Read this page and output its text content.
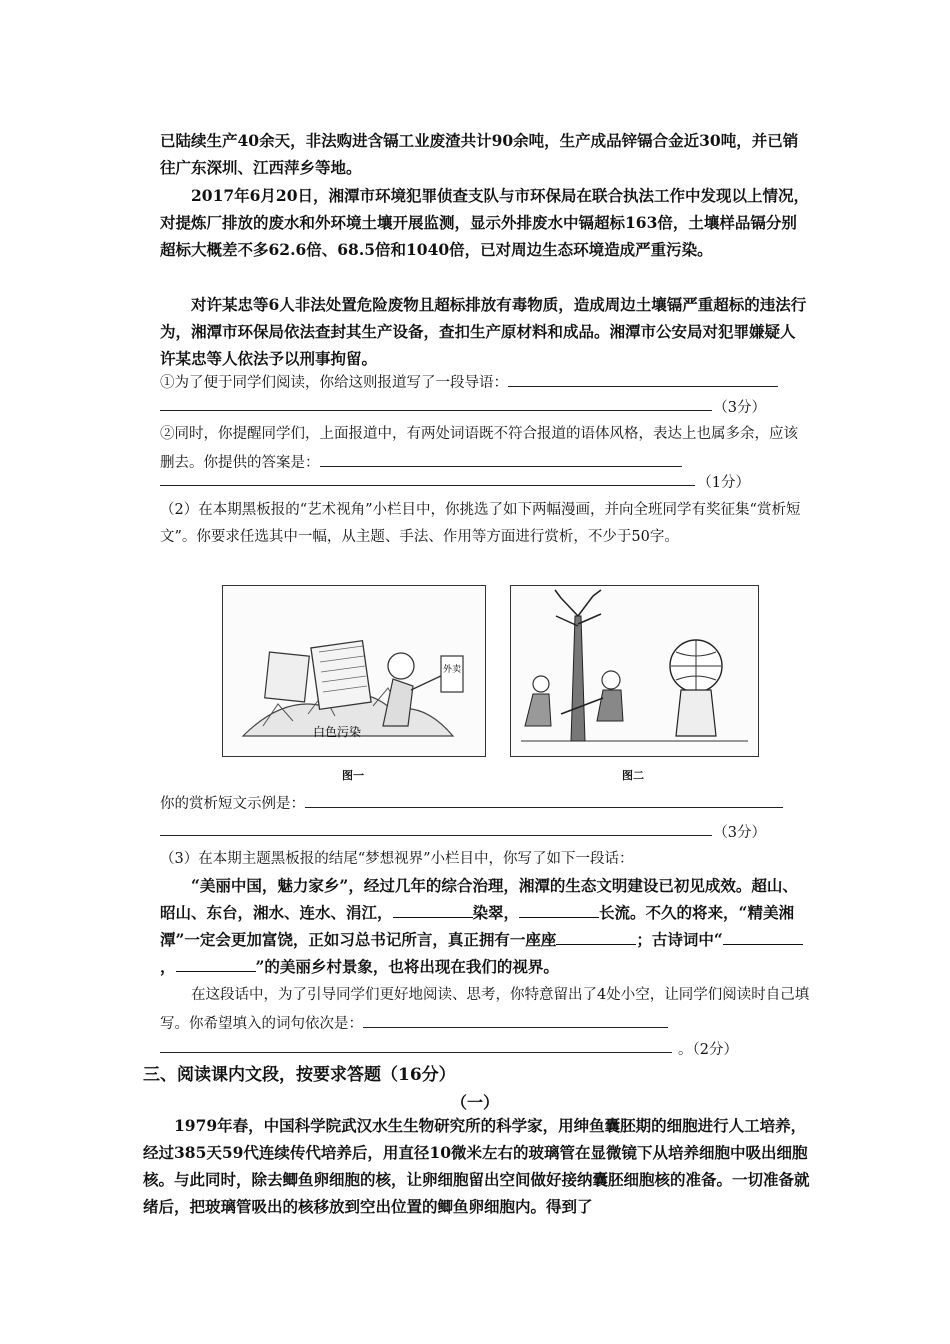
已陆续生产40余天，非法购进含镉工业废渣共计90余吨，生产成品锌镉合金近30吨，并已销往广东深圳、江西萍乡等地。

2017年6月20日，湘潭市环境犯罪侦查支队与市环保局在联合执法工作中发现以上情况，对提炼厂排放的废水和外环境土壤开展监测，显示外排废水中镉超标163倍，土壤样品镉分别超标大概差不多62.6倍、68.5倍和1040倍，已对周边生态环境造成严重污染。

对许某忠等6人非法处置危险废物且超标排放有毒物质，造成周边土壤镉严重超标的违法行为，湘潭市环保局依法查封其生产设备，查扣生产原材料和成品。湘潭市公安局对犯罪嫌疑人许某忠等人依法予以刑事拘留。

①为了便于同学们阅读，你给这则报道写了一段导语：
（3分）
②同时，你提醒同学们，上面报道中，有两处词语既不符合报道的语体风格，表达上也属多余，应该删去。你提供的答案是：
（1分）
（2）在本期黑板报的“艺术视角”小栏目中，你挑选了如下两幅漫画，并向全班同学有奖征集“赏析短文”。你要求任选其中一幅，从主题、手法、作用等方面进行赏析，不少于50字。
外卖
白色污染
图一	图二
你的赏析短文示例是：
（3分）
（3）在本期主题黑板报的结尾“梦想视界”小栏目中，你写了如下一段话：
“美丽中国，魅力家乡”，经过几年的综合治理，湘潭的生态文明建设已初见成效。超山、昭山、东台，湘水、连水、涓江，	染翠，	长流。不久的将来，“精美湘潭”一定会更加富饶，正如习总书记所言，真正拥有一座座	；古诗词中“，	”的美丽乡村景象，也将出现在我们的视界。
在这段话中，为了引导同学们更好地阅读、思考，你特意留出了4处小空，让同学们阅读时自己填写。你希望填入的词句依次是：
。（2分）
三、阅读课内文段，按要求答题（16分）
（一）

1979年春，中国科学院武汉水生生物研究所的科学家，用绅鱼囊胚期的细胞进行人工培养，经过385天59代连续传代培养后，用直径10微米左右的玻璃管在显微镜下从培养细胞中吸出细胞核。与此同时，除去鲫鱼卵细胞的核，让卵细胞留出空间做好接纳囊胚细胞核的准备。一切准备就绪后，把玻璃管吸出的核移放到空出位置的鲫鱼卵细胞内。得到了
